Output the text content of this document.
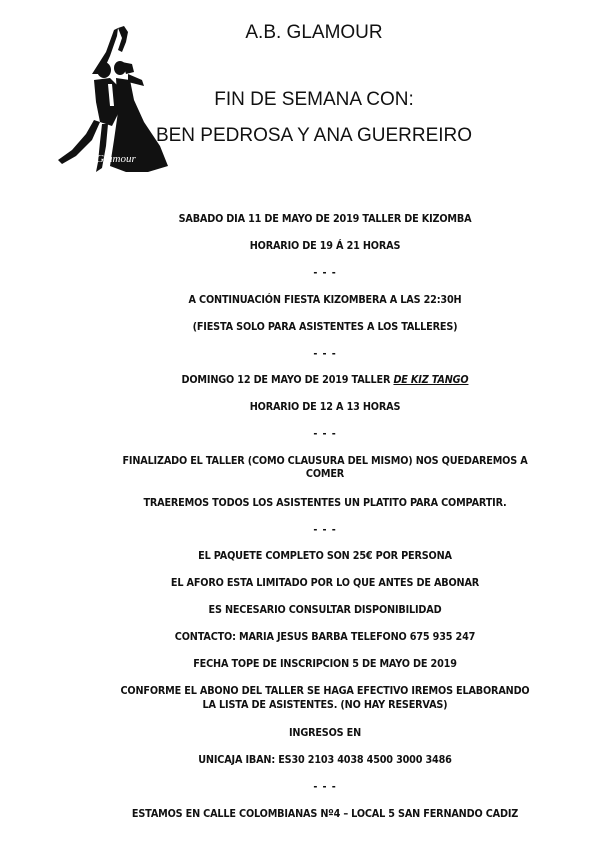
Glamour
A.B. GLAMOUR
FIN DE SEMANA CON:
BEN PEDROSA Y ANA GUERREIRO
SABADO DIA 11 DE MAYO DE 2019 TALLER DE KIZOMBA
HORARIO DE 19 Á 21 HORAS
- - -
A CONTINUACIÓN FIESTA KIZOMBERA A LAS 22:30H
(FIESTA SOLO PARA ASISTENTES A LOS TALLERES)
- - -
DOMINGO 12 DE MAYO DE 2019 TALLER DE KIZ TANGO
HORARIO DE 12 A 13 HORAS
- - -
FINALIZADO EL TALLER (COMO CLAUSURA DEL MISMO) NOS QUEDAREMOS A
COMER
TRAEREMOS TODOS LOS ASISTENTES UN PLATITO PARA COMPARTIR.
- - -
EL PAQUETE COMPLETO SON 25€ POR PERSONA
EL AFORO ESTA LIMITADO POR LO QUE ANTES DE ABONAR
ES NECESARIO CONSULTAR DISPONIBILIDAD
CONTACTO: MARIA JESUS BARBA TELEFONO 675 935 247
FECHA TOPE DE INSCRIPCION 5 DE MAYO DE 2019
CONFORME EL ABONO DEL TALLER SE HAGA EFECTIVO IREMOS ELABORANDO
LA LISTA DE ASISTENTES. (NO HAY RESERVAS)
INGRESOS EN
UNICAJA IBAN: ES30 2103 4038 4500 3000 3486
- - -
ESTAMOS EN CALLE COLOMBIANAS Nº4 – LOCAL 5 SAN FERNANDO CADIZ
